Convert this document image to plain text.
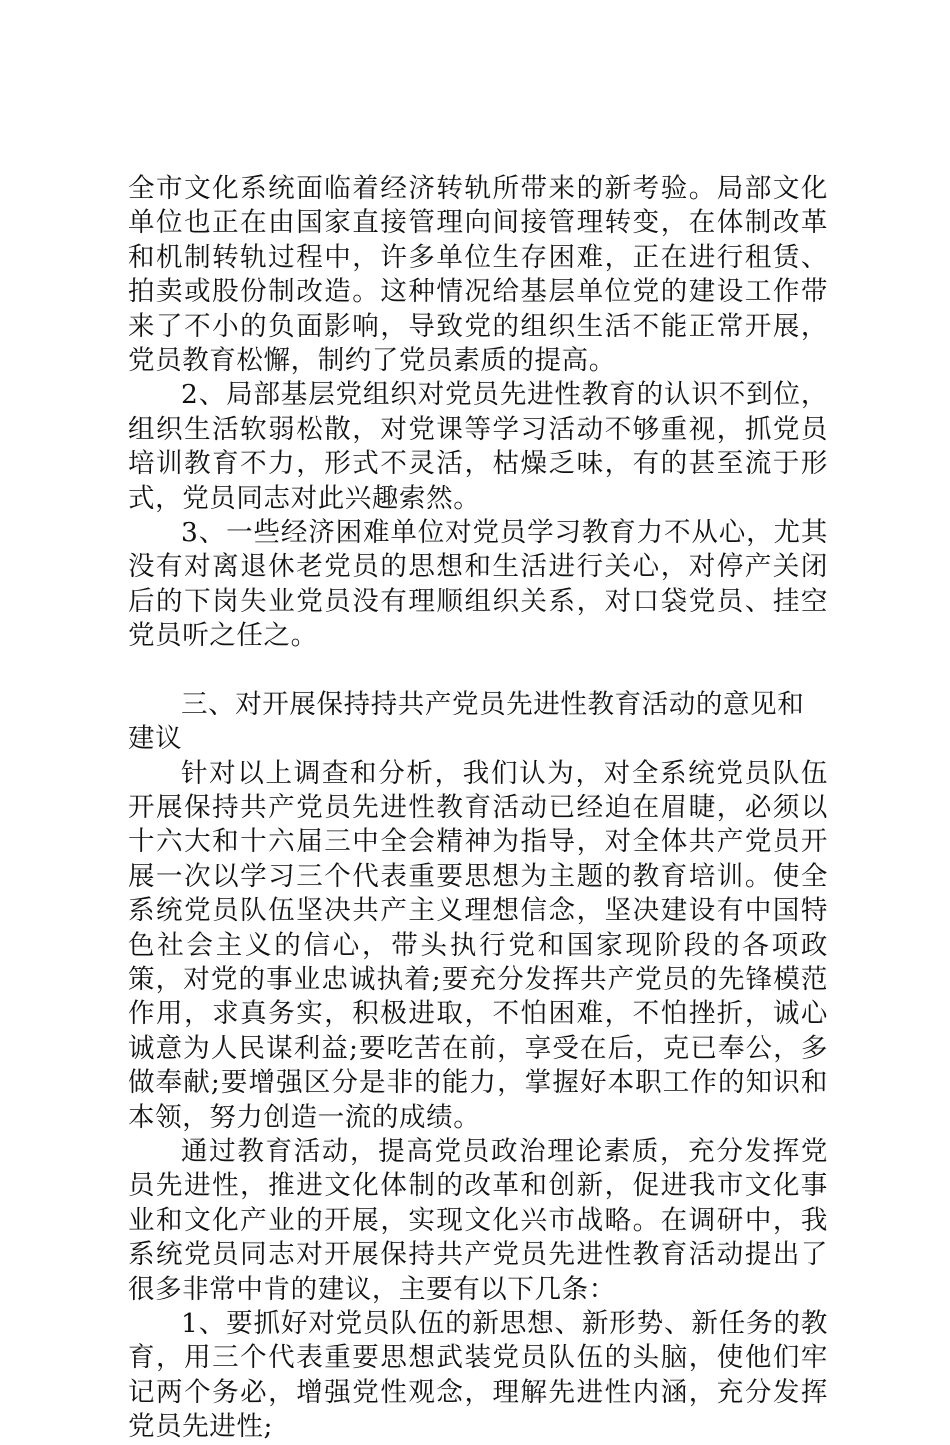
全市文化系统面临着经济转轨所带来的新考验。局部文化单位也正在由国家直接管理向间接管理转变，在体制改革和机制转轨过程中，许多单位生存困难，正在进行租赁、拍卖或股份制改造。这种情况给基层单位党的建设工作带来了不小的负面影响，导致党的组织生活不能正常开展，党员教育松懈，制约了党员素质的提高。

2、局部基层党组织对党员先进性教育的认识不到位，组织生活软弱松散，对党课等学习活动不够重视，抓党员培训教育不力，形式不灵活，枯燥乏味，有的甚至流于形式，党员同志对此兴趣索然。

3、一些经济困难单位对党员学习教育力不从心，尤其没有对离退休老党员的思想和生活进行关心，对停产关闭后的下岗失业党员没有理顺组织关系，对口袋党员、挂空党员听之任之。

三、对开展保持持共产党员先进性教育活动的意见和建议

针对以上调查和分析，我们认为，对全系统党员队伍开展保持共产党员先进性教育活动已经迫在眉睫，必须以十六大和十六届三中全会精神为指导，对全体共产党员开展一次以学习三个代表重要思想为主题的教育培训。使全系统党员队伍坚决共产主义理想信念，坚决建设有中国特色社会主义的信心，带头执行党和国家现阶段的各项政策，对党的事业忠诚执着;要充分发挥共产党员的先锋模范作用，求真务实，积极进取，不怕困难，不怕挫折，诚心诚意为人民谋利益;要吃苦在前，享受在后，克已奉公，多做奉献;要增强区分是非的能力，掌握好本职工作的知识和本领，努力创造一流的成绩。

通过教育活动，提高党员政治理论素质，充分发挥党员先进性，推进文化体制的改革和创新，促进我市文化事业和文化产业的开展，实现文化兴市战略。在调研中，我系统党员同志对开展保持共产党员先进性教育活动提出了很多非常中肯的建议，主要有以下几条：

1、要抓好对党员队伍的新思想、新形势、新任务的教育，用三个代表重要思想武装党员队伍的头脑，使他们牢记两个务必，增强党性观念，理解先进性内涵，充分发挥党员先进性;
